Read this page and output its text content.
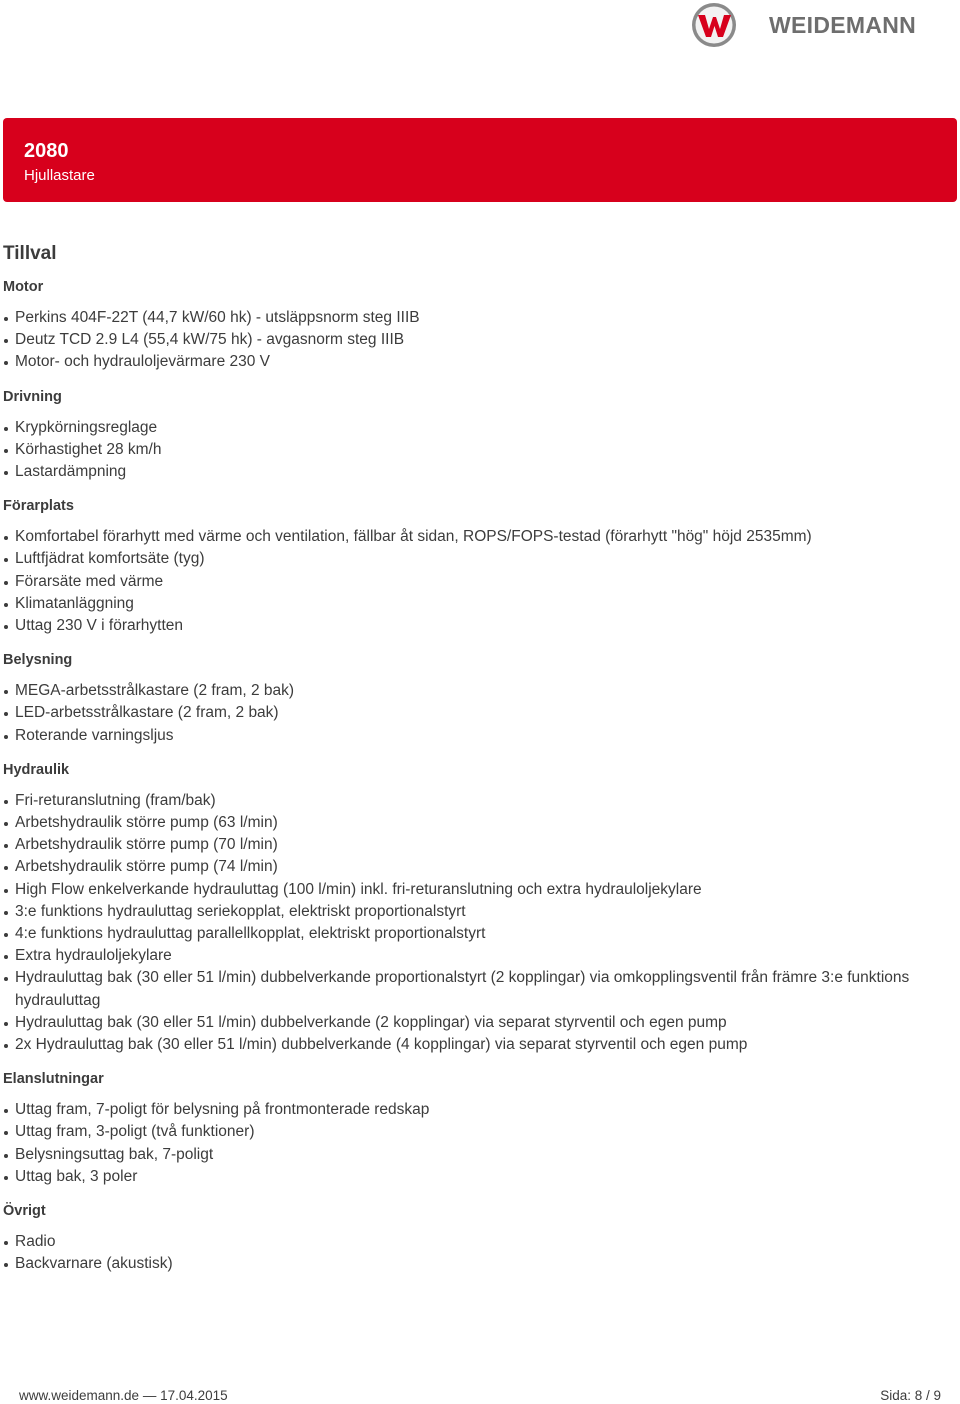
WEIDEMANN
2080
Hjullastare
Tillval
Motor
Perkins 404F-22T (44,7 kW/60 hk) - utsläppsnorm steg IIIB
Deutz TCD 2.9 L4 (55,4 kW/75 hk) - avgasnorm steg IIIB
Motor- och hydrauloljevärmare 230 V
Drivning
Krypkörningsreglage
Körhastighet 28 km/h
Lastardämpning
Förarplats
Komfortabel förarhytt med värme och ventilation, fällbar åt sidan, ROPS/FOPS-testad (förarhytt "hög" höjd 2535mm)
Luftfjädrat komfortsäte (tyg)
Förarsäte med värme
Klimatanläggning
Uttag 230 V i förarhytten
Belysning
MEGA-arbetsstrålkastare (2 fram, 2 bak)
LED-arbetsstrålkastare (2 fram, 2 bak)
Roterande varningsljus
Hydraulik
Fri-returanslutning (fram/bak)
Arbetshydraulik större pump (63 l/min)
Arbetshydraulik större pump (70 l/min)
Arbetshydraulik större pump (74 l/min)
High Flow enkelverkande hydrauluttag (100 l/min) inkl. fri-returanslutning och extra hydrauloljekylare
3:e funktions hydrauluttag seriekopplat, elektriskt proportionalstyrt
4:e funktions hydrauluttag parallellkopplat, elektriskt proportionalstyrt
Extra hydrauloljekylare
Hydrauluttag bak (30 eller 51 l/min) dubbelverkande proportionalstyrt (2 kopplingar) via omkopplingsventil från främre 3:e funktions hydrauluttag
Hydrauluttag bak (30 eller 51 l/min) dubbelverkande (2 kopplingar) via separat styrventil och egen pump
2x Hydrauluttag bak (30 eller 51 l/min) dubbelverkande (4 kopplingar) via separat styrventil och egen pump
Elanslutningar
Uttag fram, 7-poligt för belysning på frontmonterade redskap
Uttag fram, 3-poligt (två funktioner)
Belysningsuttag bak, 7-poligt
Uttag bak, 3 poler
Övrigt
Radio
Backvarnare (akustisk)
www.weidemann.de — 17.04.2015	Sida: 8 / 9
